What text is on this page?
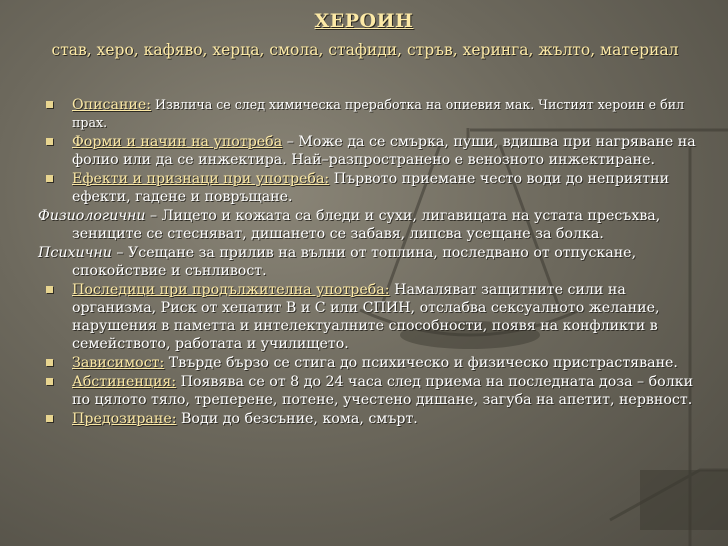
ХЕРОИН
став, херо, кафяво, херца, смола, стафиди, стръв, херинга, жълто, материал
Описание: Извлича се след химическа преработка на опиевия мак. Чистият хероин е бил прах.
Форми и начин на употреба – Може да се смърка, пуши, вдишва при нагряване на фолио или да се инжектира. Най–разпространено е венозното инжектиране.
Ефекти и признаци при употреба: Първото приемане често води до неприятни ефекти, гадене и повръщане.
Физиологични – Лицето и кожата са бледи и сухи, лигавицата на устата пресъхва, зениците се стесняват, дишането се забавя, липсва усещане за болка.
Психични – Усещане за прилив на вълни от топлина, последвано от отпускане, спокойствие и сънливост.
Последици при продължителна употреба: Намаляват защитните сили на организма, Риск от хепатит В и С или СПИН, отслабва сексуалното желание, нарушения в паметта и интелектуалните способности, появя на конфликти в семейството, работата и училището.
Зависимост: Твърде бързо се стига до психическо и физическо пристрастяване.
Абстиненция: Появява се от 8 до 24 часа след приема на последната доза – болки по цялото тяло, треперене, потене, учестено дишане, загуба на апетит, нервност.
Предозиране: Води до безсъние, кома, смърт.
